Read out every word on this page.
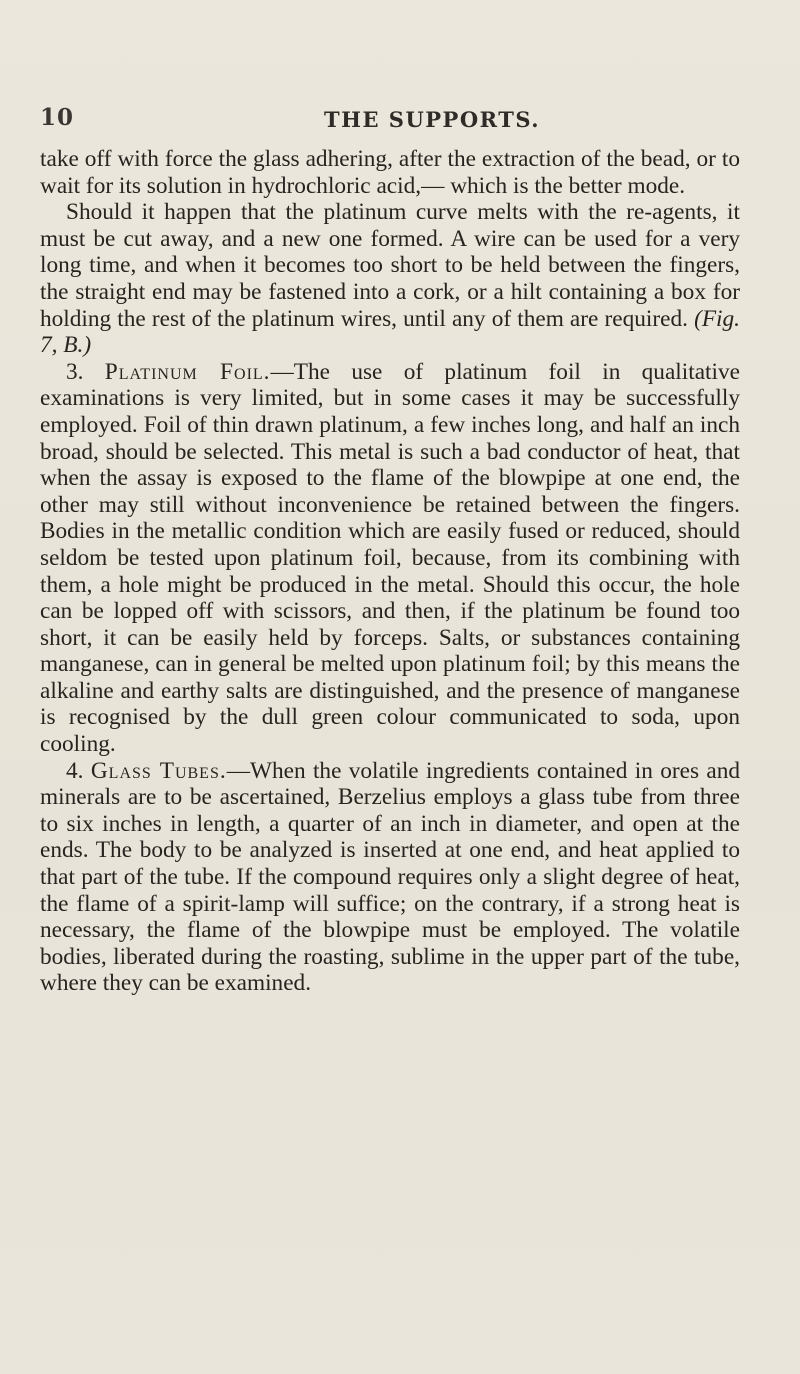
10	THE SUPPORTS.

take off with force the glass adhering, after the extraction of the bead, or to wait for its solution in hydrochloric acid,— which is the better mode.

Should it happen that the platinum curve melts with the re-agents, it must be cut away, and a new one formed. A wire can be used for a very long time, and when it becomes too short to be held between the fingers, the straight end may be fastened into a cork, or a hilt containing a box for holding the rest of the platinum wires, until any of them are required. (Fig. 7, B.)

3. Platinum Foil.—The use of platinum foil in qualitative examinations is very limited, but in some cases it may be successfully employed. Foil of thin drawn platinum, a few inches long, and half an inch broad, should be selected. This metal is such a bad conductor of heat, that when the assay is exposed to the flame of the blowpipe at one end, the other may still without inconvenience be retained between the fingers. Bodies in the metallic condition which are easily fused or reduced, should seldom be tested upon platinum foil, because, from its combining with them, a hole might be produced in the metal. Should this occur, the hole can be lopped off with scissors, and then, if the platinum be found too short, it can be easily held by forceps. Salts, or substances containing manganese, can in general be melted upon platinum foil; by this means the alkaline and earthy salts are distinguished, and the presence of manganese is recognised by the dull green colour communicated to soda, upon cooling.

4. Glass Tubes.—When the volatile ingredients contained in ores and minerals are to be ascertained, Berzelius employs a glass tube from three to six inches in length, a quarter of an inch in diameter, and open at the ends. The body to be analyzed is inserted at one end, and heat applied to that part of the tube. If the compound requires only a slight degree of heat, the flame of a spirit-lamp will suffice; on the contrary, if a strong heat is necessary, the flame of the blowpipe must be employed. The volatile bodies, liberated during the roasting, sublime in the upper part of the tube, where they can be examined.
